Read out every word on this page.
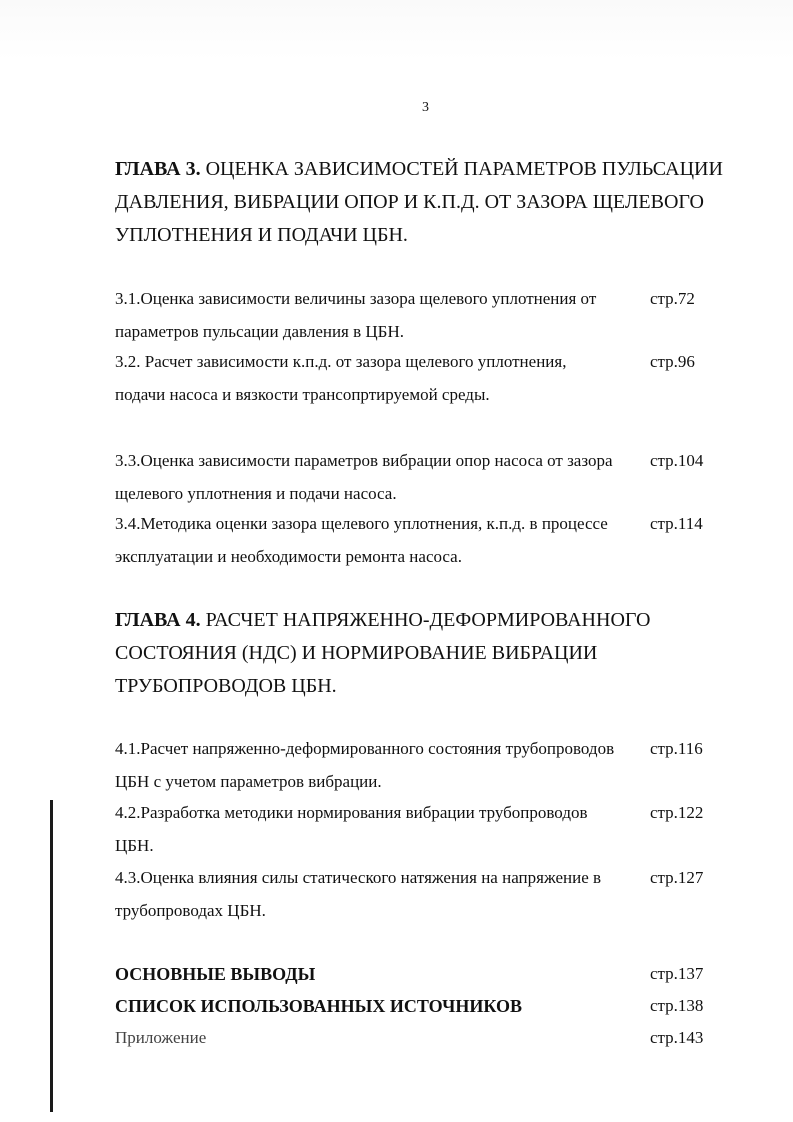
3
ГЛАВА 3. ОЦЕНКА ЗАВИСИМОСТЕЙ ПАРАМЕТРОВ ПУЛЬСАЦИИ ДАВЛЕНИЯ, ВИБРАЦИИ ОПОР И К.П.Д. ОТ ЗАЗОРА ЩЕЛЕВОГО УПЛОТНЕНИЯ И ПОДАЧИ ЦБН.
3.1.Оценка зависимости величины зазора щелевого уплотнения от параметров пульсации давления в ЦБН.
стр.72
3.2. Расчет зависимости к.п.д. от зазора щелевого уплотнения, подачи насоса и вязкости трансопртируемой среды.
стр.96
3.3.Оценка зависимости параметров вибрации опор насоса от зазора щелевого уплотнения и подачи насоса.
стр.104
3.4.Методика оценки зазора щелевого уплотнения, к.п.д. в процессе эксплуатации и необходимости ремонта насоса.
стр.114
ГЛАВА 4. РАСЧЕТ НАПРЯЖЕННО-ДЕФОРМИРОВАННОГО СОСТОЯНИЯ (НДС) И НОРМИРОВАНИЕ ВИБРАЦИИ ТРУБОПРОВОДОВ ЦБН.
4.1.Расчет напряженно-деформированного состояния трубопроводов ЦБН с учетом параметров вибрации.
стр.116
4.2.Разработка методики нормирования вибрации трубопроводов ЦБН.
стр.122
4.3.Оценка влияния силы статического натяжения на напряжение в трубопроводах ЦБН.
стр.127
ОСНОВНЫЕ ВЫВОДЫ	стр.137
СПИСОК ИСПОЛЬЗОВАННЫХ ИСТОЧНИКОВ	стр.138
Приложение	стр.143
